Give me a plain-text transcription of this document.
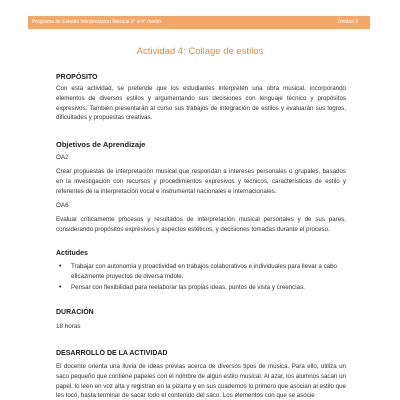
Programa de Estudio Interpretación Musical 3° a 4° medio	Unidad 2
Actividad 4: Collage de estilos
PROPÓSITO

Con esta actividad, se pretende que los estudiantes interpreten una obra musical, incorporando elementos de diversos estilos y argumentando sus decisiones con lenguaje técnico y propósitos expresivos. También presentarán al curso sus trabajos de integración de estilos y evaluarán sus logros, dificultades y propuestas creativas.

Objetivos de Aprendizaje
OA2

Crear propuestas de interpretación musical que respondan a intereses personales o grupales, basados en la investigación con recursos y procedimientos expresivos y técnicos, características de estilo y referentes de la interpretación vocal e instrumental nacionales e internacionales.

OA6

Evaluar críticamente procesos y resultados de interpretación musical personales y de sus pares, considerando propósitos expresivos y aspectos estéticos, y decisiones tomadas durante el proceso.

Actitudes
• Trabajar con autonomía y proactividad en trabajos colaborativos e individuales para llevar a cabo eficazmente proyectos de diversa índole.
• Pensar con flexibilidad para reelaborar las propias ideas, puntos de vista y creencias.
DURACIÓN
18 horas
DESARROLLO DE LA ACTIVIDAD

El docente orienta una lluvia de ideas previas acerca de diversos tipos de música. Para ello, utiliza un saco pequeño que contiene papeles con el nombre de algún estilo musical. Al azar, los alumnos sacan un papel, lo leen en voz alta y registran en la pizarra y en sus cuadernos lo primero que asocian al estilo que les tocó, hasta terminar de sacar todo el contenido del saco. Los elementos con que se asocie
